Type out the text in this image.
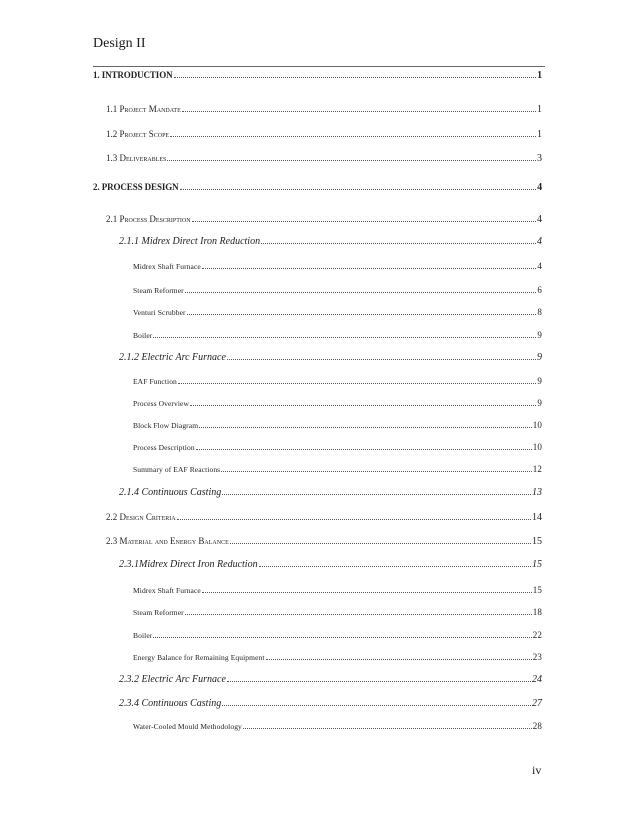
Design II
1. INTRODUCTION	1
1.1 Project Mandate	1
1.2 Project Scope	1
1.3 Deliverables	3
2. PROCESS DESIGN	4
2.1 Process Description	4
2.1.1 Midrex Direct Iron Reduction	4
Midrex Shaft Furnace	4
Steam Reformer	6
Venturi Scrubber	8
Boiler	9
2.1.2 Electric Arc Furnace	9
EAF Function	9
Process Overview	9
Block Flow Diagram	10
Process Description	10
Summary of EAF Reactions	12
2.1.4 Continuous Casting	13
2.2 Design Criteria	14
2.3 Material and Energy Balance	15
2.3.1Midrex Direct Iron Reduction	15
Midrex Shaft Furnace	15
Steam Reformer	18
Boiler	22
Energy Balance for Remaining Equipment	23
2.3.2 Electric Arc Furnace	24
2.3.4 Continuous Casting	27
Water-Cooled Mould Methodology	28
iv
